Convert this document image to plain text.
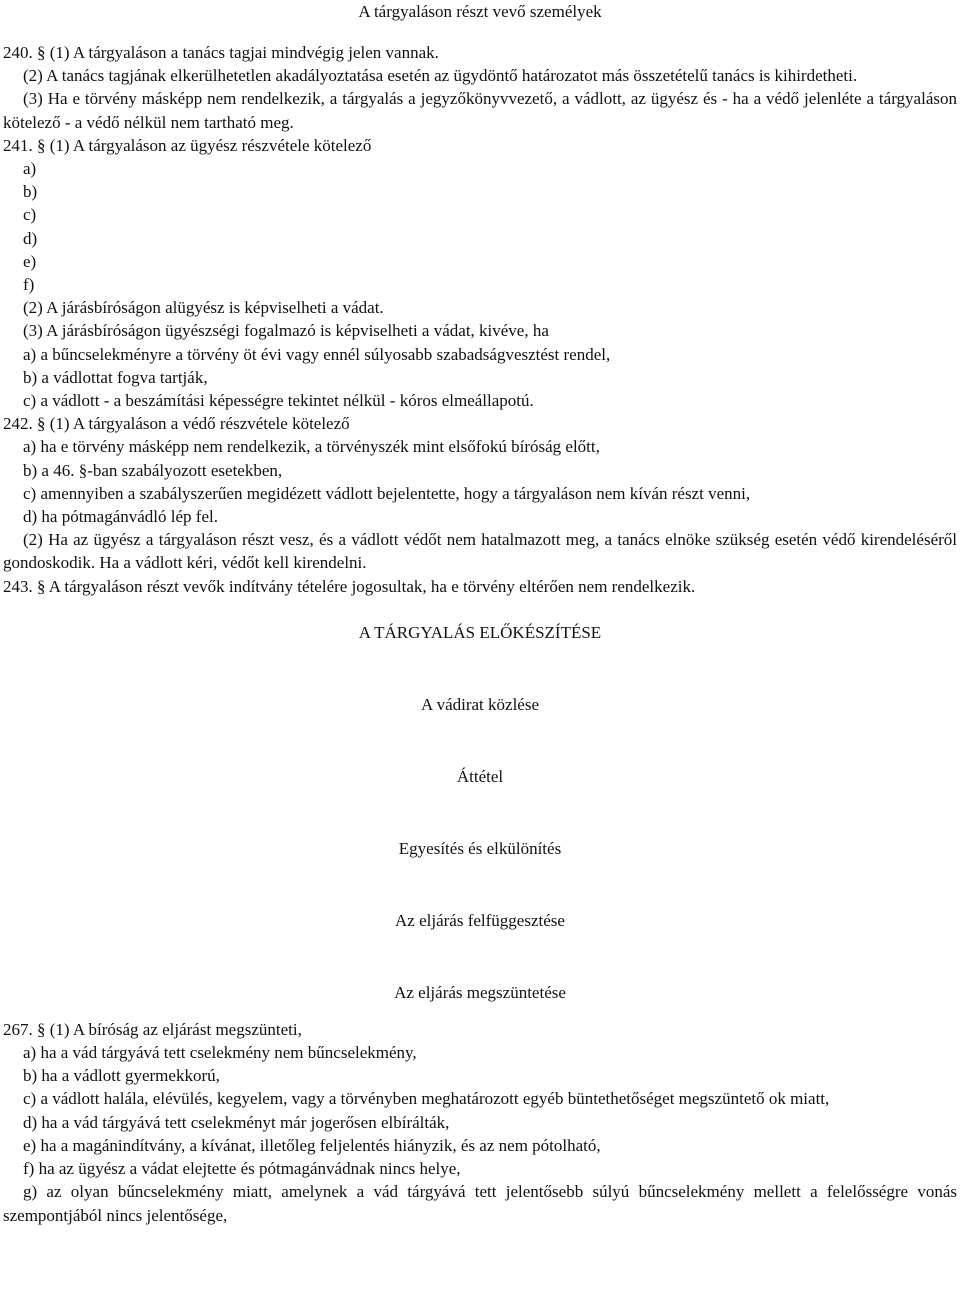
A tárgyaláson részt vevő személyek

240. § (1) A tárgyaláson a tanács tagjai mindvégig jelen vannak.

(2) A tanács tagjának elkerülhetetlen akadályoztatása esetén az ügydöntő határozatot más összetételű tanács is kihirdetheti.

(3) Ha e törvény másképp nem rendelkezik, a tárgyalás a jegyzőkönyvvezető, a vádlott, az ügyész és - ha a védő jelenléte a tárgyaláson kötelező - a védő nélkül nem tartható meg.

241. § (1) A tárgyaláson az ügyész részvétele kötelező

a)

b)

c)

d)

e)

f)

(2) A járásbíróságon alügyész is képviselheti a vádat.

(3) A járásbíróságon ügyészségi fogalmazó is képviselheti a vádat, kivéve, ha

a) a bűncselekményre a törvény öt évi vagy ennél súlyosabb szabadságvesztést rendel,

b) a vádlottat fogva tartják,

c) a vádlott - a beszámítási képességre tekintet nélkül - kóros elmeállapotú.

242. § (1) A tárgyaláson a védő részvétele kötelező

a) ha e törvény másképp nem rendelkezik, a törvényszék mint elsőfokú bíróság előtt,

b) a 46. §-ban szabályozott esetekben,

c) amennyiben a szabályszerűen megidézett vádlott bejelentette, hogy a tárgyaláson nem kíván részt venni,

d) ha pótmagánvádló lép fel.

(2) Ha az ügyész a tárgyaláson részt vesz, és a vádlott védőt nem hatalmazott meg, a tanács elnöke szükség esetén védő kirendeléséről gondoskodik. Ha a vádlott kéri, védőt kell kirendelni.

243. § A tárgyaláson részt vevők indítvány tételére jogosultak, ha e törvény eltérően nem rendelkezik.

A TÁRGYALÁS ELŐKÉSZÍTÉSE
A vádirat közlése
Áttétel
Egyesítés és elkülönítés
Az eljárás felfüggesztése
Az eljárás megszüntetése

267. § (1) A bíróság az eljárást megszünteti,

a) ha a vád tárgyává tett cselekmény nem bűncselekmény,

b) ha a vádlott gyermekkorú,

c) a vádlott halála, elévülés, kegyelem, vagy a törvényben meghatározott egyéb büntethetőséget megszüntető ok miatt,

d) ha a vád tárgyává tett cselekményt már jogerősen elbírálták,

e) ha a magánindítvány, a kívánat, illetőleg feljelentés hiányzik, és az nem pótolható,

f) ha az ügyész a vádat elejtette és pótmagánvádnak nincs helye,

g) az olyan bűncselekmény miatt, amelynek a vád tárgyává tett jelentősebb súlyú bűncselekmény mellett a felelősségre vonás szempontjából nincs jelentősége,
